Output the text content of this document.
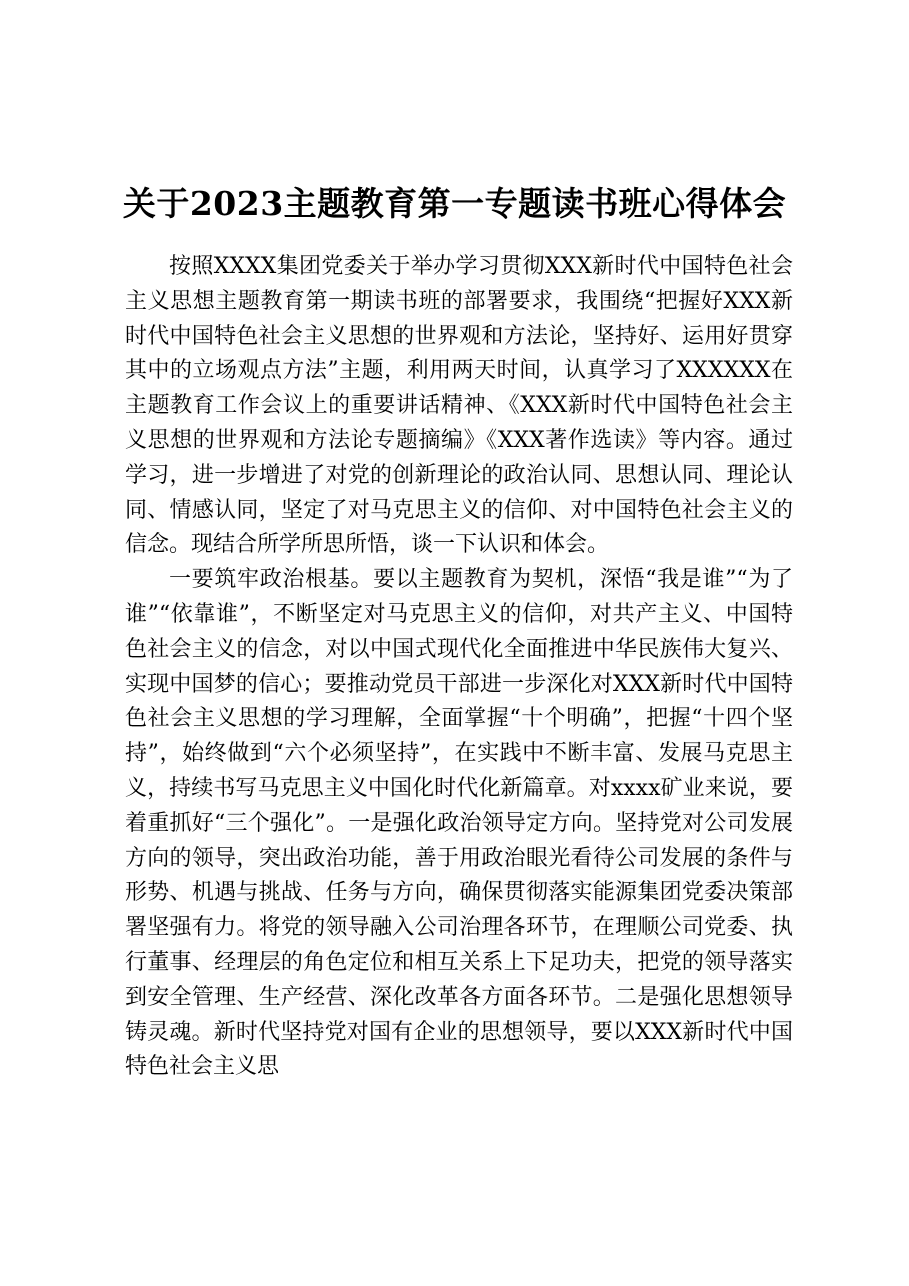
关于2023主题教育第一专题读书班心得体会

按照XXXX集团党委关于举办学习贯彻XXX新时代中国特色社会主义思想主题教育第一期读书班的部署要求，我围绕“把握好XXX新时代中国特色社会主义思想的世界观和方法论，坚持好、运用好贯穿其中的立场观点方法”主题，利用两天时间，认真学习了XXXXXX在主题教育工作会议上的重要讲话精神、《XXX新时代中国特色社会主义思想的世界观和方法论专题摘编》《XXX著作选读》等内容。通过学习，进一步增进了对党的创新理论的政治认同、思想认同、理论认同、情感认同，坚定了对马克思主义的信仰、对中国特色社会主义的信念。现结合所学所思所悟，谈一下认识和体会。

一要筑牢政治根基。要以主题教育为契机，深悟“我是谁”“为了谁”“依靠谁”，不断坚定对马克思主义的信仰，对共产主义、中国特色社会主义的信念，对以中国式现代化全面推进中华民族伟大复兴、实现中国梦的信心；要推动党员干部进一步深化对XXX新时代中国特色社会主义思想的学习理解，全面掌握“十个明确”，把握“十四个坚持”，始终做到“六个必须坚持”，在实践中不断丰富、发展马克思主义，持续书写马克思主义中国化时代化新篇章。对xxxx矿业来说，要着重抓好“三个强化”。一是强化政治领导定方向。坚持党对公司发展方向的领导，突出政治功能，善于用政治眼光看待公司发展的条件与形势、机遇与挑战、任务与方向，确保贯彻落实能源集团党委决策部署坚强有力。将党的领导融入公司治理各环节，在理顺公司党委、执行董事、经理层的角色定位和相互关系上下足功夫，把党的领导落实到安全管理、生产经营、深化改革各方面各环节。二是强化思想领导铸灵魂。新时代坚持党对国有企业的思想领导，要以XXX新时代中国特色社会主义思
